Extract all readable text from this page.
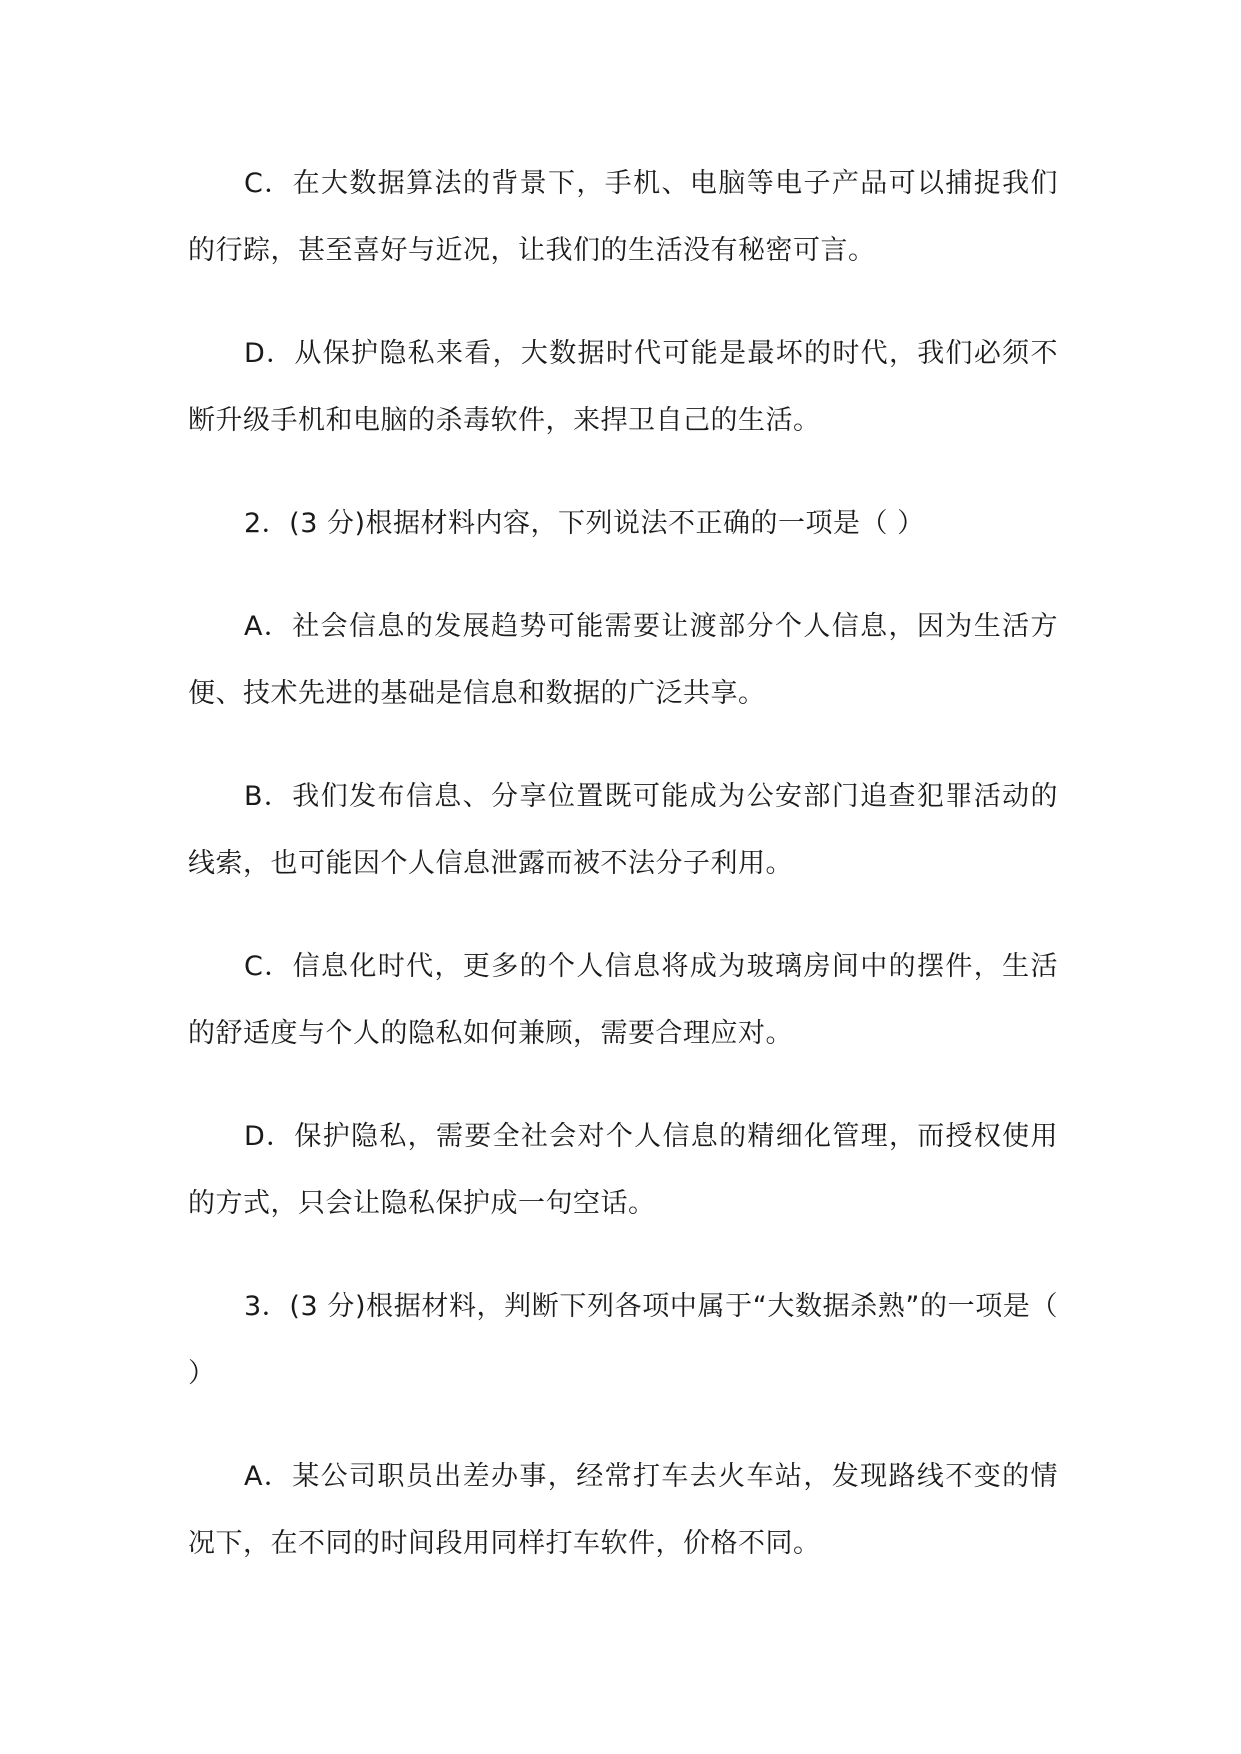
C．在大数据算法的背景下，手机、电脑等电子产品可以捕捉我们的行踪，甚至喜好与近况，让我们的生活没有秘密可言。

D．从保护隐私来看，大数据时代可能是最坏的时代，我们必须不断升级手机和电脑的杀毒软件，来捍卫自己的生活。

2．(3 分)根据材料内容，下列说法不正确的一项是（ ）

A．社会信息的发展趋势可能需要让渡部分个人信息，因为生活方便、技术先进的基础是信息和数据的广泛共享。

B．我们发布信息、分享位置既可能成为公安部门追查犯罪活动的线索，也可能因个人信息泄露而被不法分子利用。

C．信息化时代，更多的个人信息将成为玻璃房间中的摆件，生活的舒适度与个人的隐私如何兼顾，需要合理应对。

D．保护隐私，需要全社会对个人信息的精细化管理，而授权使用的方式，只会让隐私保护成一句空话。

3．(3 分)根据材料，判断下列各项中属于“大数据杀熟”的一项是（ ）

A．某公司职员出差办事，经常打车去火车站，发现路线不变的情况下，在不同的时间段用同样打车软件，价格不同。
